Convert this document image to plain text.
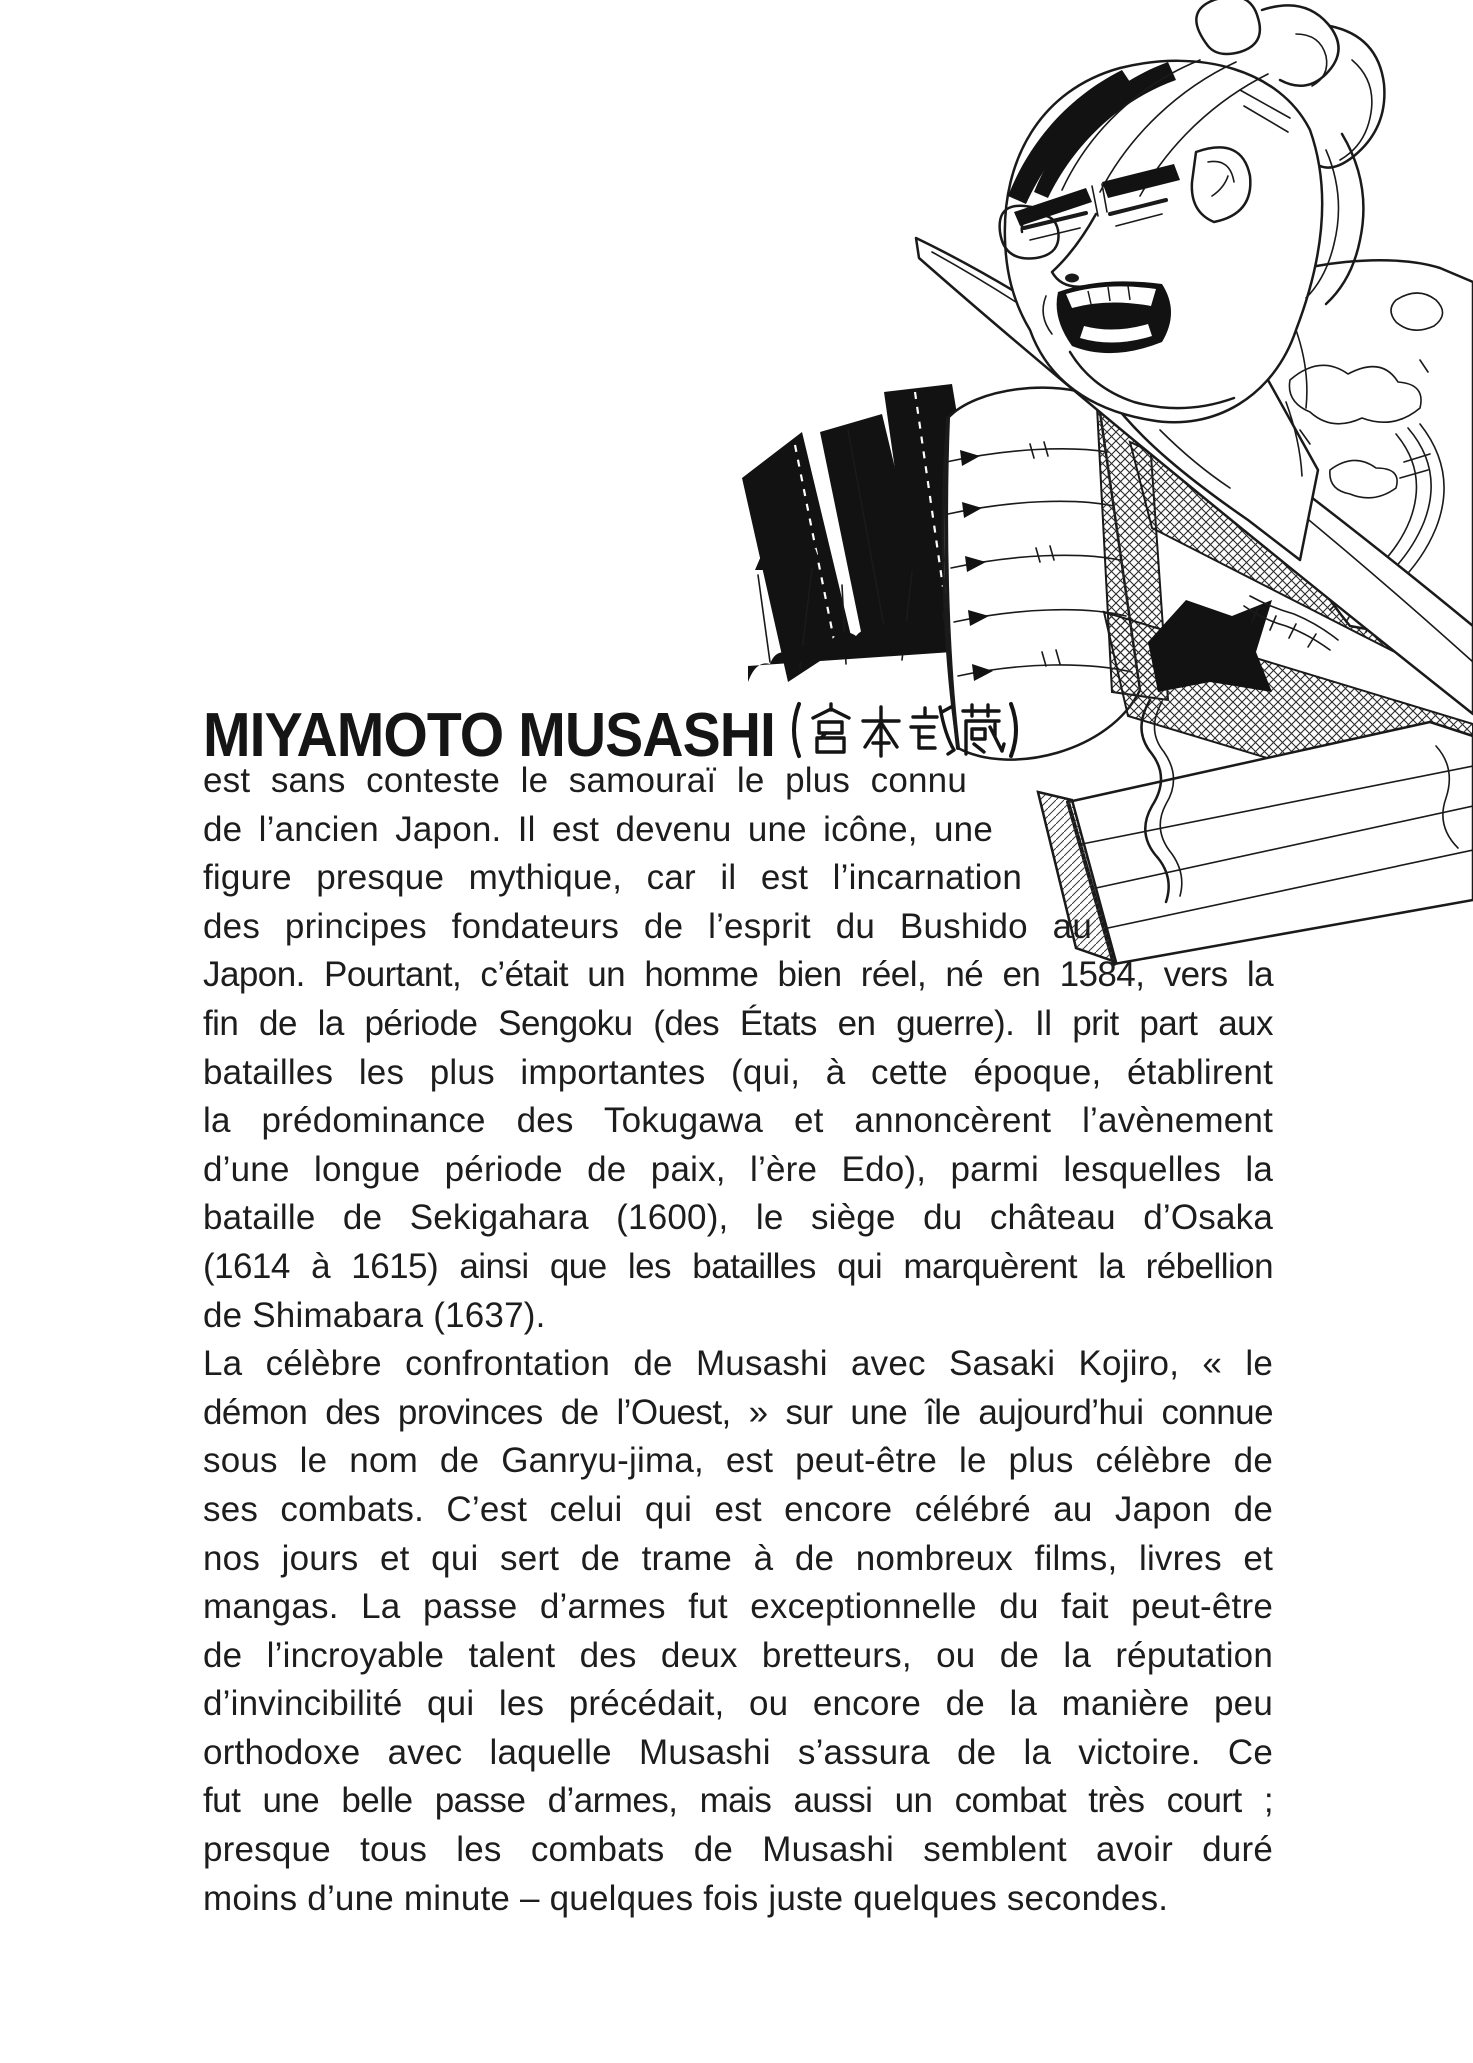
MIYAMOTO MUSASHI
est sans conteste le samouraï le plus connu
de l’ancien Japon. Il est devenu une icône, une
figure presque mythique, car il est l’incarnation
des principes fondateurs de l’esprit du Bushido au
Japon. Pourtant, c’était un homme bien réel, né en 1584, vers la
fin de la période Sengoku (des États en guerre). Il prit part aux
batailles les plus importantes (qui, à cette époque, établirent
la prédominance des Tokugawa et annoncèrent l’avènement
d’une longue période de paix, l’ère Edo), parmi lesquelles la
bataille de Sekigahara (1600), le siège du château d’Osaka
(1614 à 1615) ainsi que les batailles qui marquèrent la rébellion
de Shimabara (1637).
La célèbre confrontation de Musashi avec Sasaki Kojiro, « le
démon des provinces de l’Ouest, » sur une île aujourd’hui connue
sous le nom de Ganryu-jima, est peut-être le plus célèbre de
ses combats. C’est celui qui est encore célébré au Japon de
nos jours et qui sert de trame à de nombreux films, livres et
mangas. La passe d’armes fut exceptionnelle du fait peut-être
de l’incroyable talent des deux bretteurs, ou de la réputation
d’invincibilité qui les précédait, ou encore de la manière peu
orthodoxe avec laquelle Musashi s’assura de la victoire. Ce
fut une belle passe d’armes, mais aussi un combat très court ;
presque tous les combats de Musashi semblent avoir duré
moins d’une minute – quelques fois juste quelques secondes.
